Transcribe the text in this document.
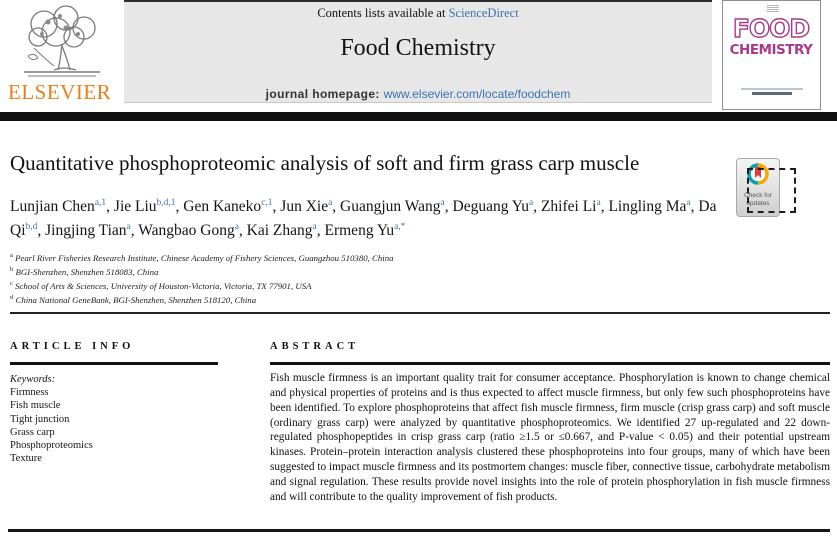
ELSEVIER
Contents lists available at ScienceDirect
Food Chemistry
journal homepage: www.elsevier.com/locate/foodchem
FOOD
CHEMISTRY
Quantitative phosphoproteomic analysis of soft and firm grass carp muscle
Check for
updates
Lunjian Chen$^{a,1}$ , Jie Liu$^{b,d,1}$ , Gen Kaneko$^{c,1}$ , Jun Xie$^a$ , Guangjun Wang$^a$ , Deguang Yu$^a$ , Zhifei Li$^a$ , Lingling Ma$^a$ , Da Qi$^{b,d}$ , Jingjing Tian$^a$ , Wangbao Gong$^a$ , Kai Zhang$^a$ , Ermeng $Yu^{a,*}$
$^a$ Pearl River Fisheries Research Institute, Chinese Academy of Fishery Sciences, Guangzhou 510380, China
$^b$ BGI-Shenzhen, Shenzhen 518083, China
$^c$ School of Arts & Sciences, University of Houston-Victoria, Victoria, TX 77901, USA
$^d$ China National GeneBank, BGI-Shenzhen, Shenzhen 518120, China
ARTICLE INFO
Keywords:
Firmness
Fish muscle
Tight junction
Grass carp
Phosphoproteomics
Texture
ABSTRACT
Fish muscle firmness is an important quality trait for consumer acceptance. Phosphorylation is known to change chemical and physical properties of proteins and is thus expected to affect muscle firmness, but only few such phosphoproteins have been identified. To explore phosphoproteins that affect fish muscle firmness, firm muscle (crisp grass carp) and soft muscle (ordinary grass carp) were analyzed by quantitative phosphoproteomics. We identified 27 up-regulated and 22 down-regulated phosphopeptides in crisp grass carp (ratio ≥1.5 or ≤0.667, and P-value < 0.05) and their potential upstream kinases. Protein–protein interaction analysis clustered these phosphoproteins into four groups, many of which have been suggested to impact muscle firmness and its postmortem changes: muscle fiber, connective tissue, carbohydrate metabolism and signal regulation. These results provide novel insights into the role of protein phosphorylation in fish muscle firmness and will contribute to the quality improvement of fish products.
